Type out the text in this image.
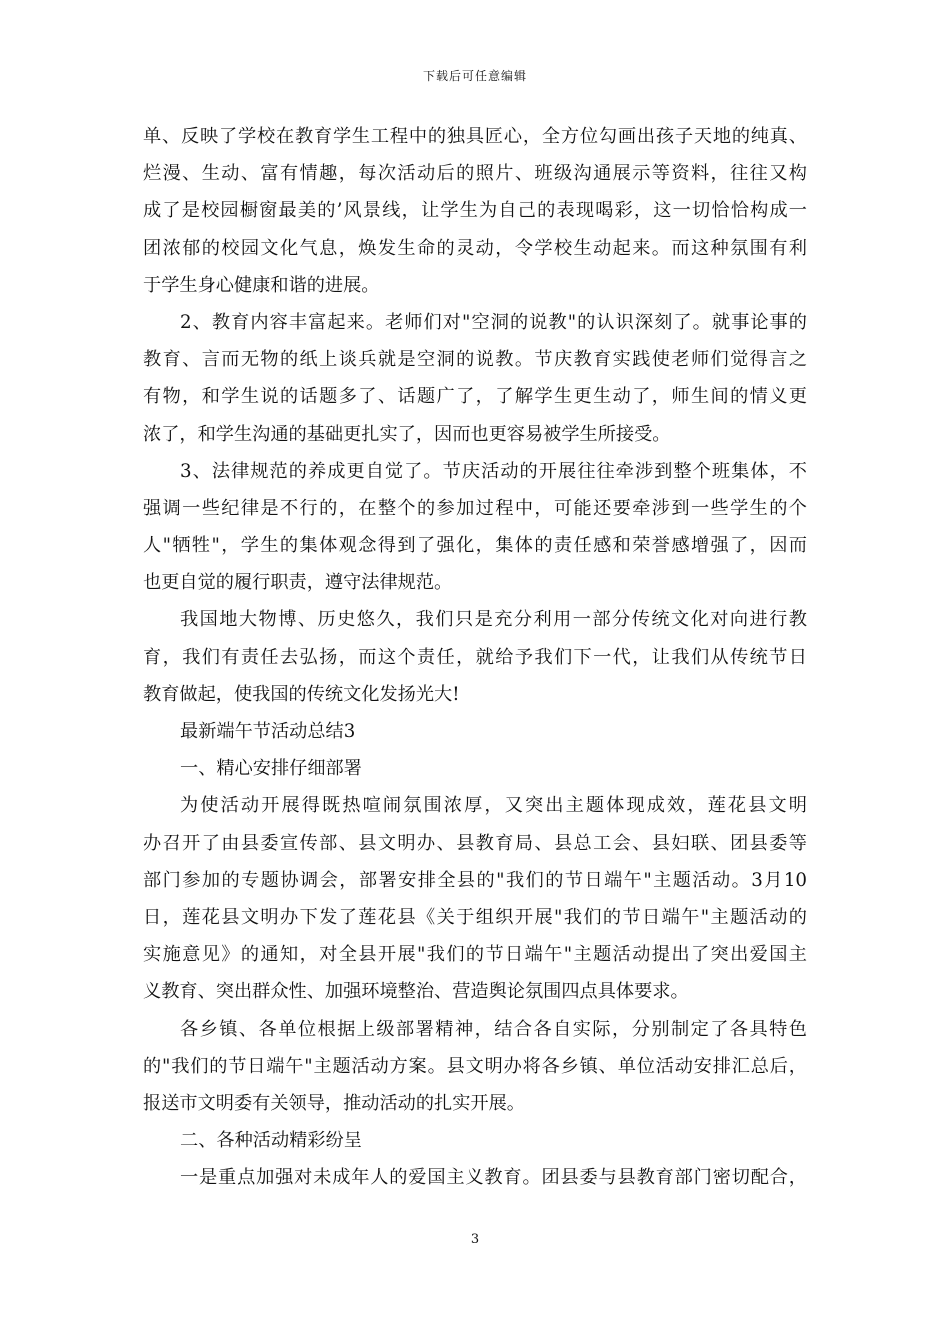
下载后可任意编辑
单、反映了学校在教育学生工程中的独具匠心，全方位勾画出孩子天地的纯真、
烂漫、生动、富有情趣，每次活动后的照片、班级沟通展示等资料，往往又构
成了是校园橱窗最美的’风景线，让学生为自己的表现喝彩，这一切恰恰构成一
团浓郁的校园文化气息，焕发生命的灵动，令学校生动起来。而这种氛围有利
于学生身心健康和谐的进展。
2、教育内容丰富起来。老师们对"空洞的说教"的认识深刻了。就事论事的
教育、言而无物的纸上谈兵就是空洞的说教。节庆教育实践使老师们觉得言之
有物，和学生说的话题多了、话题广了，了解学生更生动了，师生间的情义更
浓了，和学生沟通的基础更扎实了，因而也更容易被学生所接受。
3、法律规范的养成更自觉了。节庆活动的开展往往牵涉到整个班集体，不
强调一些纪律是不行的，在整个的参加过程中，可能还要牵涉到一些学生的个
人"牺牲"，学生的集体观念得到了强化，集体的责任感和荣誉感增强了，因而
也更自觉的履行职责，遵守法律规范。
我国地大物博、历史悠久，我们只是充分利用一部分传统文化对向进行教
育，我们有责任去弘扬，而这个责任，就给予我们下一代，让我们从传统节日
教育做起，使我国的传统文化发扬光大!
最新端午节活动总结3
一、精心安排仔细部署
为使活动开展得既热喧闹氛围浓厚，又突出主题体现成效，莲花县文明
办召开了由县委宣传部、县文明办、县教育局、县总工会、县妇联、团县委等
部门参加的专题协调会，部署安排全县的"我们的节日端午"主题活动。3月10
日，莲花县文明办下发了莲花县《关于组织开展"我们的节日端午"主题活动的
实施意见》的通知，对全县开展"我们的节日端午"主题活动提出了突出爱国主
义教育、突出群众性、加强环境整治、营造舆论氛围四点具体要求。
各乡镇、各单位根据上级部署精神，结合各自实际，分别制定了各具特色
的"我们的节日端午"主题活动方案。县文明办将各乡镇、单位活动安排汇总后，
报送市文明委有关领导，推动活动的扎实开展。
二、各种活动精彩纷呈
一是重点加强对未成年人的爱国主义教育。团县委与县教育部门密切配合，
3
